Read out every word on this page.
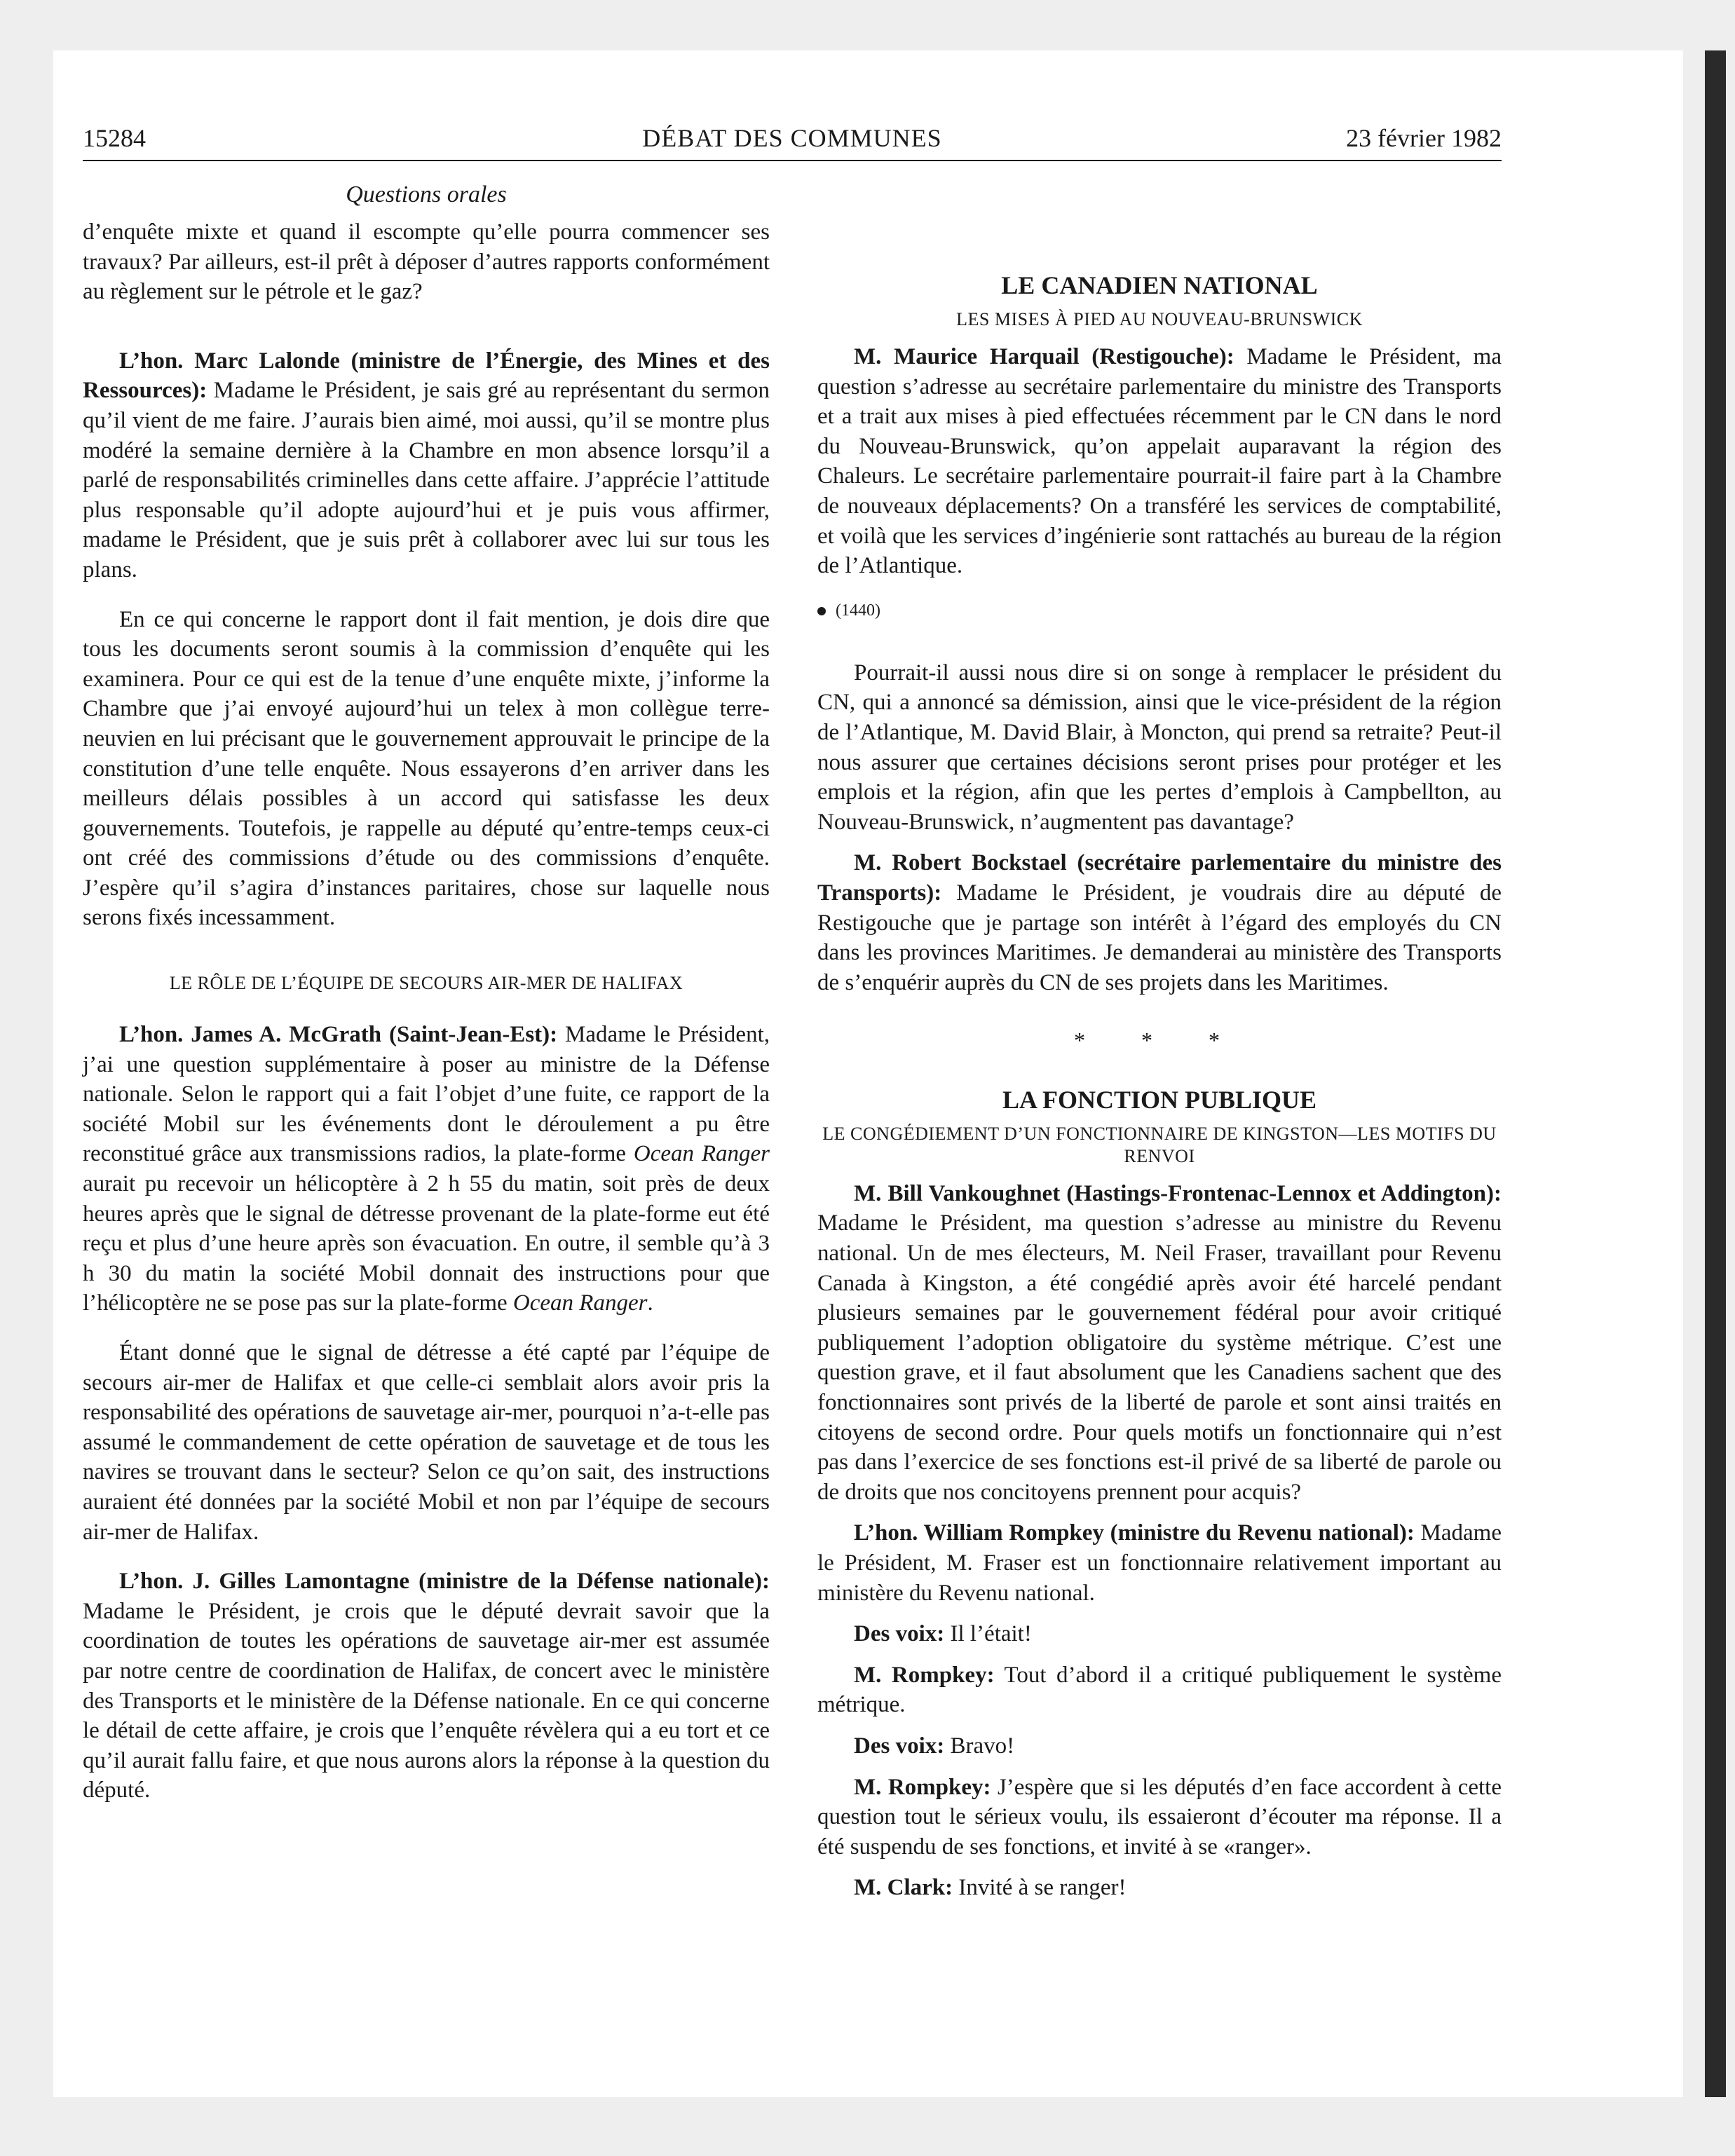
15284	DÉBAT DES COMMUNES	23 février 1982
Questions orales

d’enquête mixte et quand il escompte qu’elle pourra commencer ses travaux? Par ailleurs, est-il prêt à déposer d’autres rapports conformément au règlement sur le pétrole et le gaz?

L’hon. Marc Lalonde (ministre de l’Énergie, des Mines et des Ressources): Madame le Président, je sais gré au représentant du sermon qu’il vient de me faire. J’aurais bien aimé, moi aussi, qu’il se montre plus modéré la semaine dernière à la Chambre en mon absence lorsqu’il a parlé de responsabilités criminelles dans cette affaire. J’apprécie l’attitude plus responsable qu’il adopte aujourd’hui et je puis vous affirmer, madame le Président, que je suis prêt à collaborer avec lui sur tous les plans.

En ce qui concerne le rapport dont il fait mention, je dois dire que tous les documents seront soumis à la commission d’enquête qui les examinera. Pour ce qui est de la tenue d’une enquête mixte, j’informe la Chambre que j’ai envoyé aujourd’hui un telex à mon collègue terre-neuvien en lui précisant que le gouvernement approuvait le principe de la constitution d’une telle enquête. Nous essayerons d’en arriver dans les meilleurs délais possibles à un accord qui satisfasse les deux gouvernements. Toutefois, je rappelle au député qu’entre-temps ceux-ci ont créé des commissions d’étude ou des commissions d’enquête. J’espère qu’il s’agira d’instances paritaires, chose sur laquelle nous serons fixés incessamment.

LE RÔLE DE L’ÉQUIPE DE SECOURS AIR-MER DE HALIFAX

L’hon. James A. McGrath (Saint-Jean-Est): Madame le Président, j’ai une question supplémentaire à poser au ministre de la Défense nationale. Selon le rapport qui a fait l’objet d’une fuite, ce rapport de la société Mobil sur les événements dont le déroulement a pu être reconstitué grâce aux transmissions radios, la plate-forme Ocean Ranger aurait pu recevoir un hélicoptère à 2 h 55 du matin, soit près de deux heures après que le signal de détresse provenant de la plate-forme eut été reçu et plus d’une heure après son évacuation. En outre, il semble qu’à 3 h 30 du matin la société Mobil donnait des instructions pour que l’hélicoptère ne se pose pas sur la plate-forme Ocean Ranger.

Étant donné que le signal de détresse a été capté par l’équipe de secours air-mer de Halifax et que celle-ci semblait alors avoir pris la responsabilité des opérations de sauvetage air-mer, pourquoi n’a-t-elle pas assumé le commandement de cette opération de sauvetage et de tous les navires se trouvant dans le secteur? Selon ce qu’on sait, des instructions auraient été données par la société Mobil et non par l’équipe de secours air-mer de Halifax.

L’hon. J. Gilles Lamontagne (ministre de la Défense nationale): Madame le Président, je crois que le député devrait savoir que la coordination de toutes les opérations de sauvetage air-mer est assumée par notre centre de coordination de Halifax, de concert avec le ministère des Transports et le ministère de la Défense nationale. En ce qui concerne le détail de cette affaire, je crois que l’enquête révèlera qui a eu tort et ce qu’il aurait fallu faire, et que nous aurons alors la réponse à la question du député.

LE CANADIEN NATIONAL
LES MISES À PIED AU NOUVEAU-BRUNSWICK

M. Maurice Harquail (Restigouche): Madame le Président, ma question s’adresse au secrétaire parlementaire du ministre des Transports et a trait aux mises à pied effectuées récemment par le CN dans le nord du Nouveau-Brunswick, qu’on appelait auparavant la région des Chaleurs. Le secrétaire parlementaire pourrait-il faire part à la Chambre de nouveaux déplacements? On a transféré les services de comptabilité, et voilà que les services d’ingénierie sont rattachés au bureau de la région de l’Atlantique.

(1440)

Pourrait-il aussi nous dire si on songe à remplacer le président du CN, qui a annoncé sa démission, ainsi que le vice-président de la région de l’Atlantique, M. David Blair, à Moncton, qui prend sa retraite? Peut-il nous assurer que certaines décisions seront prises pour protéger et les emplois et la région, afin que les pertes d’emplois à Campbellton, au Nouveau-Brunswick, n’augmentent pas davantage?

M. Robert Bockstael (secrétaire parlementaire du ministre des Transports): Madame le Président, je voudrais dire au député de Restigouche que je partage son intérêt à l’égard des employés du CN dans les provinces Maritimes. Je demanderai au ministère des Transports de s’enquérir auprès du CN de ses projets dans les Maritimes.

* * *
LA FONCTION PUBLIQUE
LE CONGÉDIEMENT D’UN FONCTIONNAIRE DE KINGSTON—LES MOTIFS DU RENVOI

M. Bill Vankoughnet (Hastings-Frontenac-Lennox et Addington): Madame le Président, ma question s’adresse au ministre du Revenu national. Un de mes électeurs, M. Neil Fraser, travaillant pour Revenu Canada à Kingston, a été congédié après avoir été harcelé pendant plusieurs semaines par le gouvernement fédéral pour avoir critiqué publiquement l’adoption obligatoire du système métrique. C’est une question grave, et il faut absolument que les Canadiens sachent que des fonctionnaires sont privés de la liberté de parole et sont ainsi traités en citoyens de second ordre. Pour quels motifs un fonctionnaire qui n’est pas dans l’exercice de ses fonctions est-il privé de sa liberté de parole ou de droits que nos concitoyens prennent pour acquis?

L’hon. William Rompkey (ministre du Revenu national): Madame le Président, M. Fraser est un fonctionnaire relativement important au ministère du Revenu national.

Des voix: Il l’était!

M. Rompkey: Tout d’abord il a critiqué publiquement le système métrique.

Des voix: Bravo!

M. Rompkey: J’espère que si les députés d’en face accordent à cette question tout le sérieux voulu, ils essaieront d’écouter ma réponse. Il a été suspendu de ses fonctions, et invité à se «ranger».

M. Clark: Invité à se ranger!
